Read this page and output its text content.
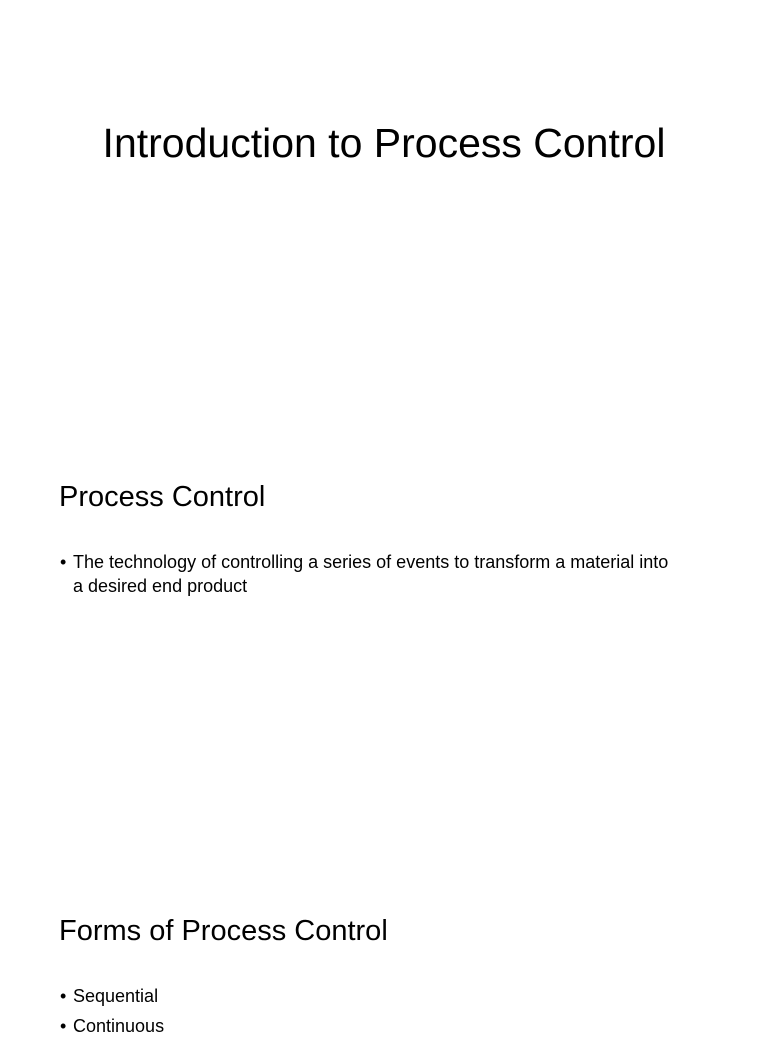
Introduction to Process Control
Process Control
• The technology of controlling a series of events to transform a material into a desired end product
Forms of Process Control
• Sequential
• Continuous
